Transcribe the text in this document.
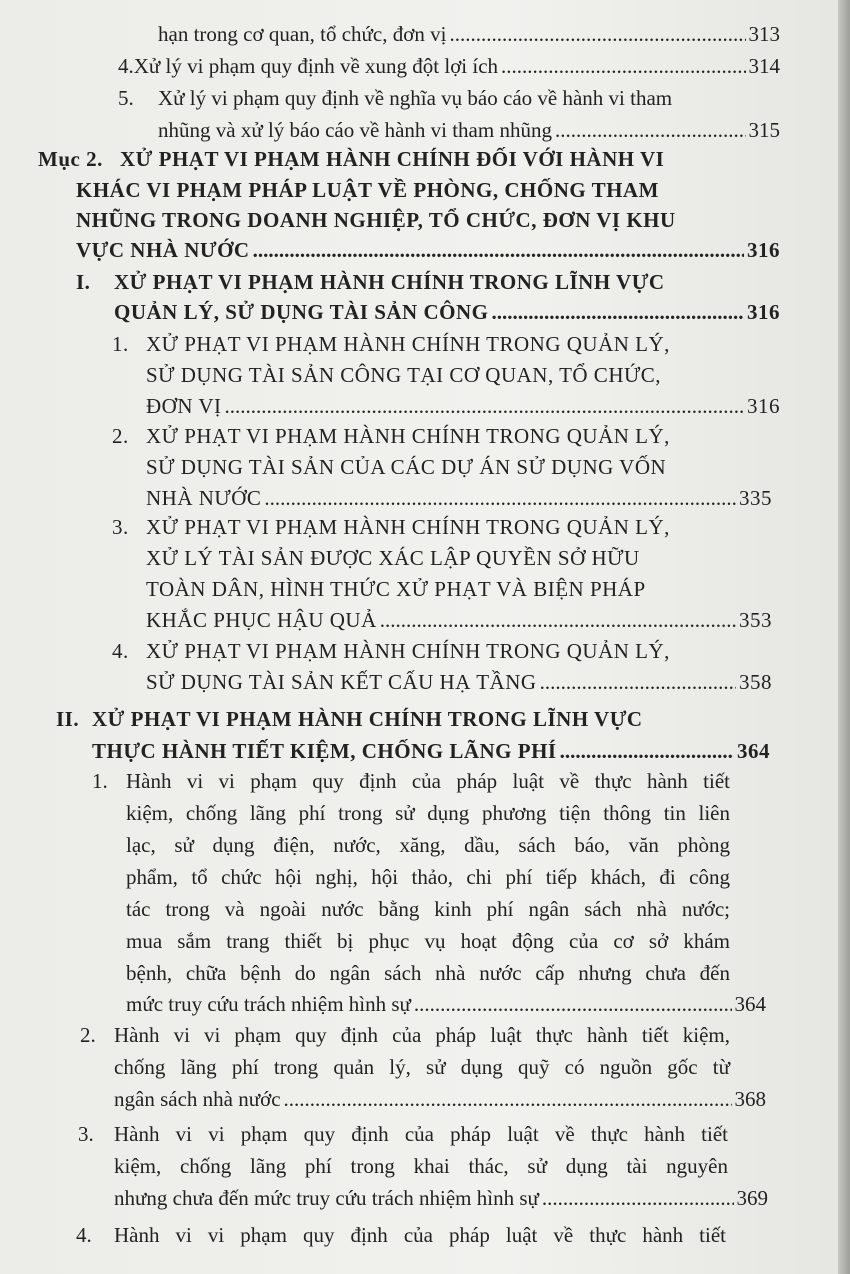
hạn trong cơ quan, tổ chức, đơn vị .....	313
4. Xử lý vi phạm quy định về xung đột lợi ích .....	314
5.	Xử lý vi phạm quy định về nghĩa vụ báo cáo về hành vi tham
nhũng và xử lý báo cáo về hành vi tham nhũng .....	315
Mục 2. XỬ PHẠT VI PHẠM HÀNH CHÍNH ĐỐI VỚI HÀNH VI
KHÁC VI PHẠM PHÁP LUẬT VỀ PHÒNG, CHỐNG THAM
NHŨNG TRONG DOANH NGHIỆP, TỔ CHỨC, ĐƠN VỊ KHU
VỰC NHÀ NƯỚC .....	316
I.	XỬ PHẠT VI PHẠM HÀNH CHÍNH TRONG LĨNH VỰC
QUẢN LÝ, SỬ DỤNG TÀI SẢN CÔNG .....	316
1. XỬ PHẠT VI PHẠM HÀNH CHÍNH TRONG QUẢN LÝ,
SỬ DỤNG TÀI SẢN CÔNG TẠI CƠ QUAN, TỔ CHỨC,
ĐƠN VỊ .....	316
2. XỬ PHẠT VI PHẠM HÀNH CHÍNH TRONG QUẢN LÝ,
SỬ DỤNG TÀI SẢN CỦA CÁC DỰ ÁN SỬ DỤNG VỐN
NHÀ NƯỚC .....	335
3. XỬ PHẠT VI PHẠM HÀNH CHÍNH TRONG QUẢN LÝ,
XỬ LÝ TÀI SẢN ĐƯỢC XÁC LẬP QUYỀN SỞ HỮU
TOÀN DÂN, HÌNH THỨC XỬ PHẠT VÀ BIỆN PHÁP
KHẮC PHỤC HẬU QUẢ .....	353
4. XỬ PHẠT VI PHẠM HÀNH CHÍNH TRONG QUẢN LÝ,
SỬ DỤNG TÀI SẢN KẾT CẤU HẠ TẦNG .....	358
II. XỬ PHẠT VI PHẠM HÀNH CHÍNH TRONG LĨNH VỰC
THỰC HÀNH TIẾT KIỆM, CHỐNG LÃNG PHÍ .....	364
1. Hành vi vi phạm quy định của pháp luật về thực hành tiết
kiệm, chống lãng phí trong sử dụng phương tiện thông tin liên
lạc, sử dụng điện, nước, xăng, dầu, sách báo, văn phòng
phẩm, tổ chức hội nghị, hội thảo, chi phí tiếp khách, đi công
tác trong và ngoài nước bằng kinh phí ngân sách nhà nước;
mua sắm trang thiết bị phục vụ hoạt động của cơ sở khám
bệnh, chữa bệnh do ngân sách nhà nước cấp nhưng chưa đến
mức truy cứu trách nhiệm hình sự .....	364
2. Hành vi vi phạm quy định của pháp luật thực hành tiết kiệm,
chống lãng phí trong quản lý, sử dụng quỹ có nguồn gốc từ
ngân sách nhà nước .....	368
3. Hành vi vi phạm quy định của pháp luật về thực hành tiết
kiệm, chống lãng phí trong khai thác, sử dụng tài nguyên
nhưng chưa đến mức truy cứu trách nhiệm hình sự .....	369
4.	Hành vi vi phạm quy định của pháp luật về thực hành tiết
